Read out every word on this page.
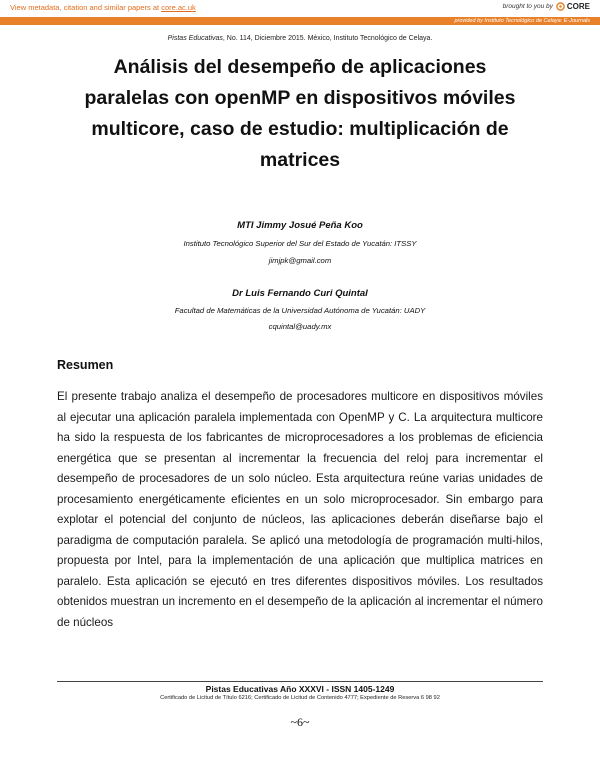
View metadata, citation and similar papers at core.ac.uk	brought to you by CORE
provided by Instituto Tecnológico de Celaya: E-Journals
Pistas Educativas, No. 114, Diciembre 2015. México, Instituto Tecnológico de Celaya.
Análisis del desempeño de aplicaciones
paralelas con openMP en dispositivos móviles
multicore, caso de estudio: multiplicación de
matrices
MTI Jimmy Josué Peña Koo
Instituto Tecnológico Superior del Sur del Estado de Yucatán: ITSSY
jimjpk@gmail.com
Dr Luis Fernando Curi Quintal
Facultad de Matemáticas de la Universidad Autónoma de Yucatán: UADY
cquintal@uady.mx
Resumen
El presente trabajo analiza el desempeño de procesadores multicore en dispositivos móviles al ejecutar una aplicación paralela implementada con OpenMP y C. La arquitectura multicore ha sido la respuesta de los fabricantes de microprocesadores a los problemas de eficiencia energética que se presentan al incrementar la frecuencia del reloj para incrementar el desempeño de procesadores de un solo núcleo. Esta arquitectura reúne varias unidades de procesamiento energéticamente eficientes en un solo microprocesador. Sin embargo para explotar el potencial del conjunto de núcleos, las aplicaciones deberán diseñarse bajo el paradigma de computación paralela. Se aplicó una metodología de programación multi-hilos, propuesta por Intel, para la implementación de una aplicación que multiplica matrices en paralelo. Esta aplicación se ejecutó en tres diferentes dispositivos móviles. Los resultados obtenidos muestran un incremento en el desempeño de la aplicación al incrementar el número de núcleos
Pistas Educativas Año XXXVI - ISSN 1405-1249
Certificado de Licitud de Título 6216; Certificado de Licitud de Contenido 4777; Expediente de Reserva 6 98 92
~6~
